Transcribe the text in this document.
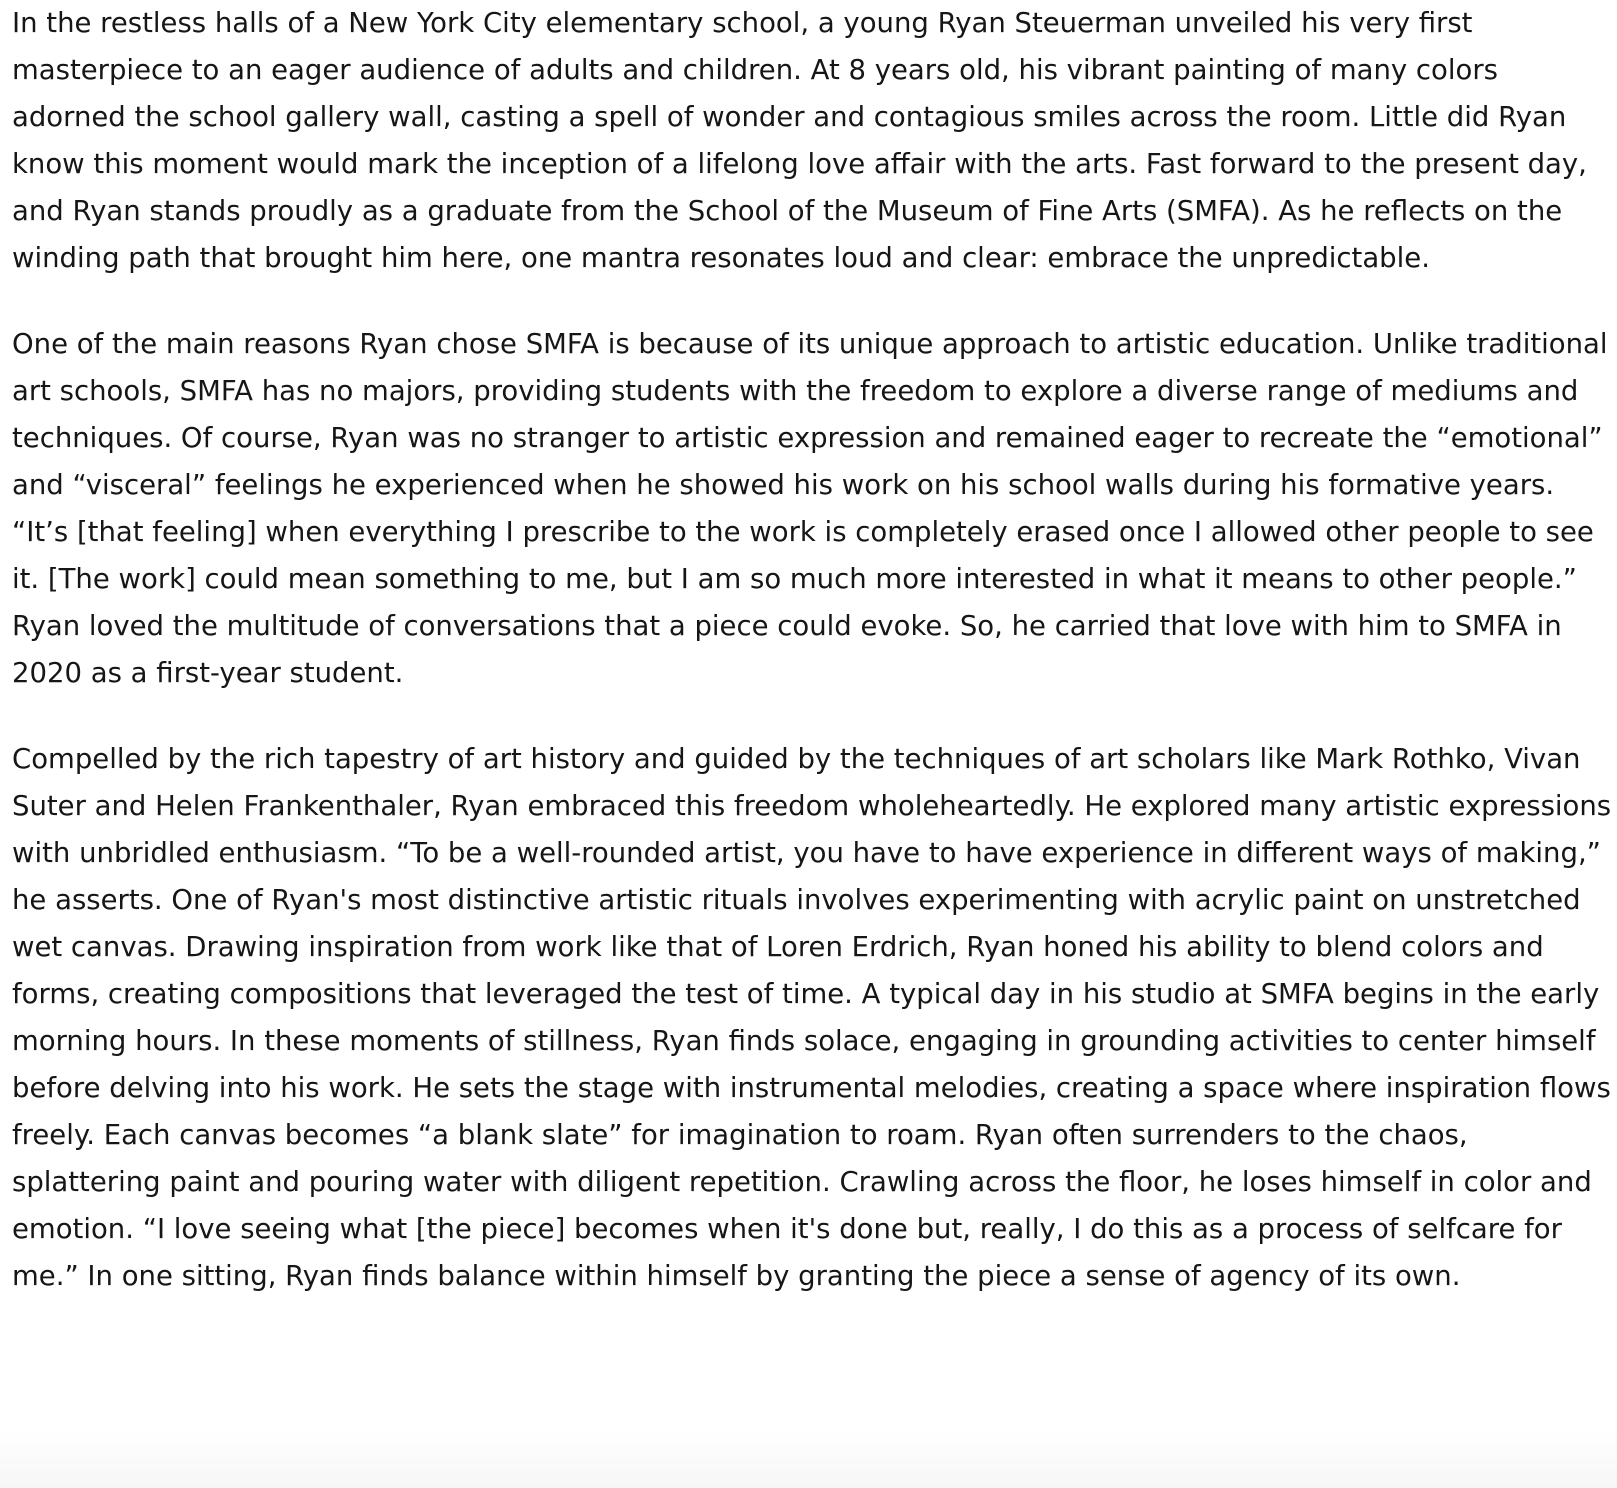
In the restless halls of a New York City elementary school, a young Ryan Steuerman unveiled his very first masterpiece to an eager audience of adults and children. At 8 years old, his vibrant painting of many colors adorned the school gallery wall, casting a spell of wonder and contagious smiles across the room. Little did Ryan know this moment would mark the inception of a lifelong love affair with the arts. Fast forward to the present day, and Ryan stands proudly as a graduate from the School of the Museum of Fine Arts (SMFA). As he reflects on the winding path that brought him here, one mantra resonates loud and clear: embrace the unpredictable.

One of the main reasons Ryan chose SMFA is because of its unique approach to artistic education. Unlike traditional art schools, SMFA has no majors, providing students with the freedom to explore a diverse range of mediums and techniques. Of course, Ryan was no stranger to artistic expression and remained eager to recreate the “emotional” and “visceral” feelings he experienced when he showed his work on his school walls during his formative years. “It’s [that feeling] when everything I prescribe to the work is completely erased once I allowed other people to see it. [The work] could mean something to me, but I am so much more interested in what it means to other people.” Ryan loved the multitude of conversations that a piece could evoke. So, he carried that love with him to SMFA in 2020 as a first-year student.

Compelled by the rich tapestry of art history and guided by the techniques of art scholars like Mark Rothko, Vivan Suter and Helen Frankenthaler, Ryan embraced this freedom wholeheartedly. He explored many artistic expressions with unbridled enthusiasm. “To be a well-rounded artist, you have to have experience in different ways of making,” he asserts. One of Ryan's most distinctive artistic rituals involves experimenting with acrylic paint on unstretched wet canvas. Drawing inspiration from work like that of Loren Erdrich, Ryan honed his ability to blend colors and forms, creating compositions that leveraged the test of time. A typical day in his studio at SMFA begins in the early morning hours. In these moments of stillness, Ryan finds solace, engaging in grounding activities to center himself before delving into his work. He sets the stage with instrumental melodies, creating a space where inspiration flows freely. Each canvas becomes “a blank slate” for imagination to roam. Ryan often surrenders to the chaos, splattering paint and pouring water with diligent repetition. Crawling across the floor, he loses himself in color and emotion. “I love seeing what [the piece] becomes when it's done but, really, I do this as a process of selfcare for me.” In one sitting, Ryan finds balance within himself by granting the piece a sense of agency of its own.
